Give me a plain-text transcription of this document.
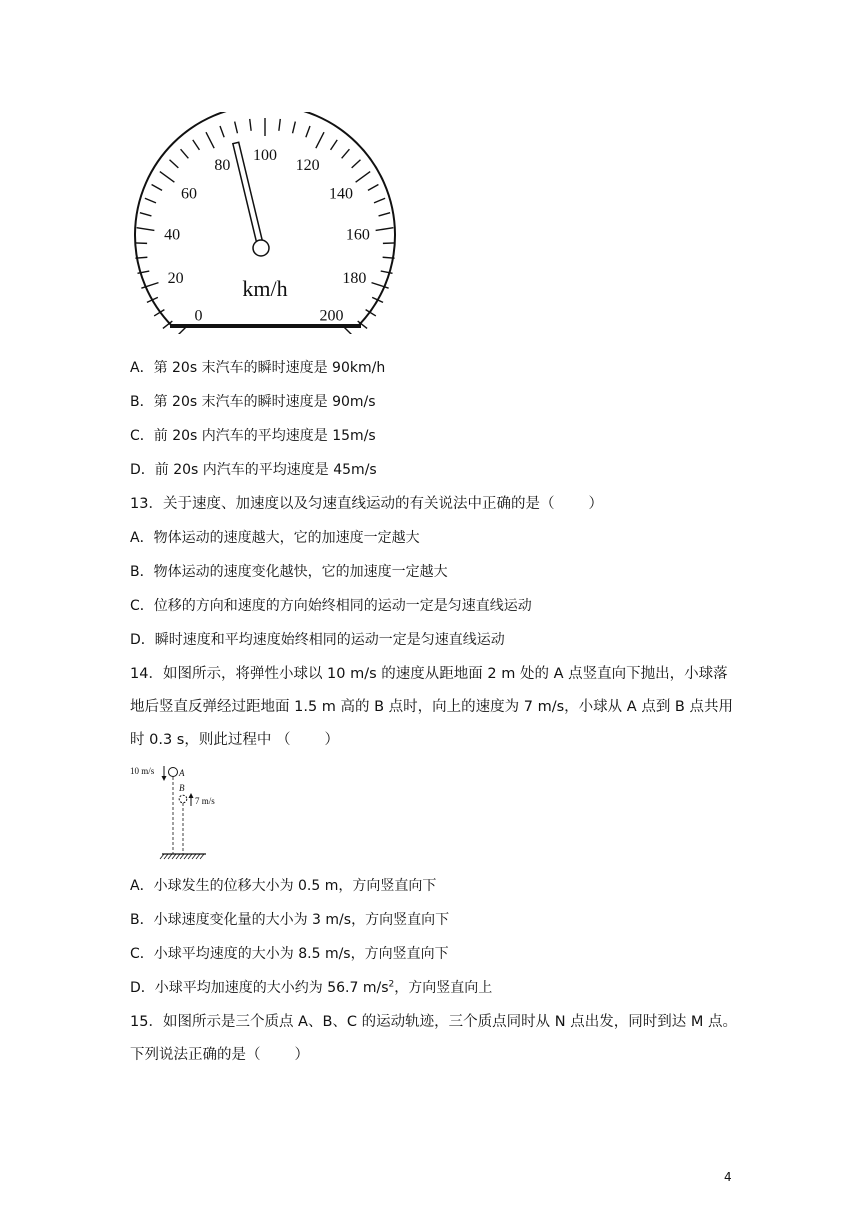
0
20
40
60
80
100
120
140
160
180
200
km/h
A．第 20s 末汽车的瞬时速度是 90km/h
B．第 20s 末汽车的瞬时速度是 90m/s
C．前 20s 内汽车的平均速度是 15m/s
D．前 20s 内汽车的平均速度是 45m/s
13．关于速度、加速度以及匀速直线运动的有关说法中正确的是（ ）
A．物体运动的速度越大，它的加速度一定越大
B．物体运动的速度变化越快，它的加速度一定越大
C．位移的方向和速度的方向始终相同的运动一定是匀速直线运动
D．瞬时速度和平均速度始终相同的运动一定是匀速直线运动
14．如图所示，将弹性小球以 10 m/s 的速度从距地面 2 m 处的 A 点竖直向下抛出，小球落
地后竖直反弹经过距地面 1.5 m 高的 B 点时，向上的速度为 7 m/s，小球从 A 点到 B 点共用
时 0.3 s，则此过程中 （ ）
10 m/s	A
B
7 m/s
A．小球发生的位移大小为 0.5 m，方向竖直向下
B．小球速度变化量的大小为 3 m/s，方向竖直向下
C．小球平均速度的大小为 8.5 m/s，方向竖直向下
D．小球平均加速度的大小约为 56.7 $m/s^2$，方向竖直向上
15．如图所示是三个质点 A、B、C 的运动轨迹，三个质点同时从 N 点出发，同时到达 M 点。
下列说法正确的是（ ）
4
